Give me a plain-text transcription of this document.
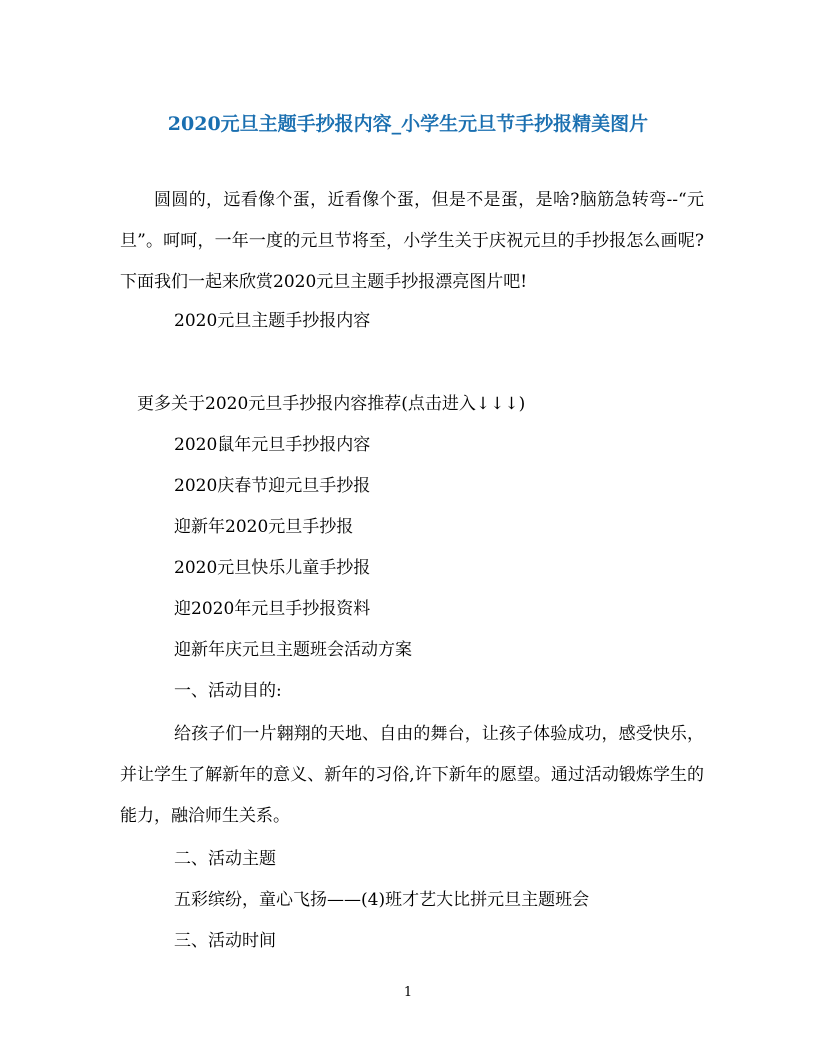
2020元旦主题手抄报内容_小学生元旦节手抄报精美图片

圆圆的，远看像个蛋，近看像个蛋，但是不是蛋，是啥?脑筋急转弯--“元旦”。呵呵，一年一度的元旦节将至，小学生关于庆祝元旦的手抄报怎么画呢?下面我们一起来欣赏2020元旦主题手抄报漂亮图片吧!

2020元旦主题手抄报内容

更多关于2020元旦手抄报内容推荐(点击进入↓↓↓)

2020鼠年元旦手抄报内容

2020庆春节迎元旦手抄报

迎新年2020元旦手抄报

2020元旦快乐儿童手抄报

迎2020年元旦手抄报资料

迎新年庆元旦主题班会活动方案

一、活动目的:

给孩子们一片翱翔的天地、自由的舞台，让孩子体验成功，感受快乐，并让学生了解新年的意义、新年的习俗,许下新年的愿望。通过活动锻炼学生的能力，融洽师生关系。

二、活动主题

五彩缤纷，童心飞扬——(4)班才艺大比拼元旦主题班会

三、活动时间

1
